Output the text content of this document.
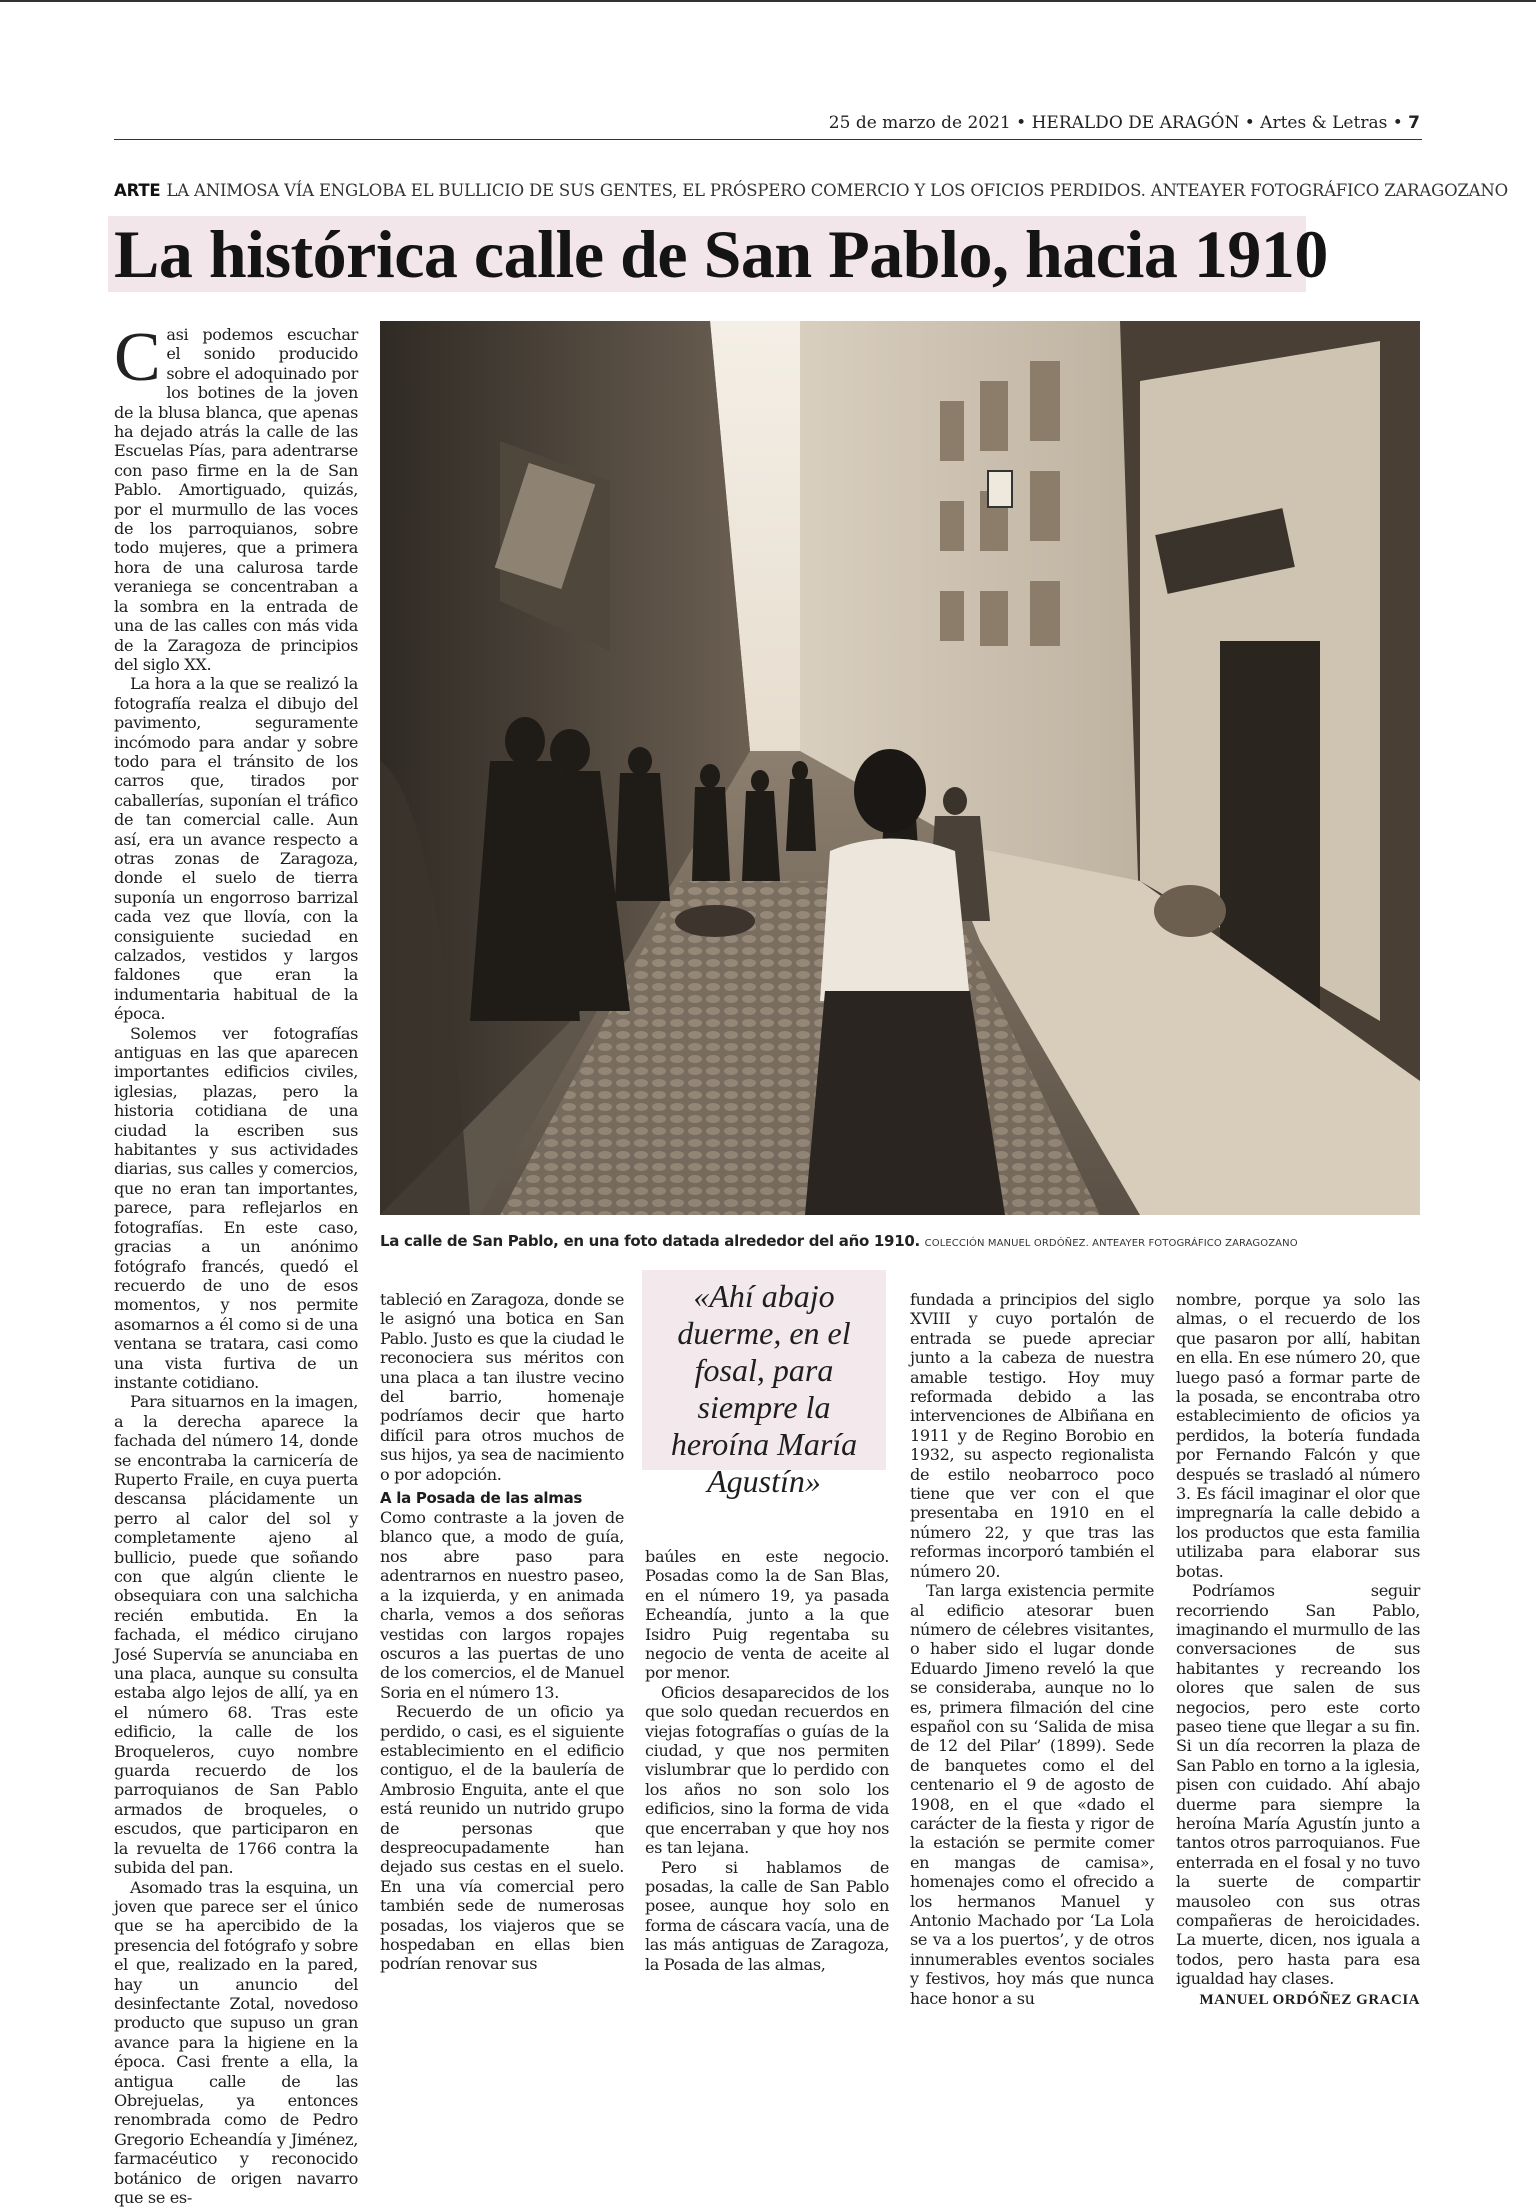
25 de marzo de 2021 • HERALDO DE ARAGÓN • Artes & Letras • 7
ARTE LA ANIMOSA VÍA ENGLOBA EL BULLICIO DE SUS GENTES, EL PRÓSPERO COMERCIO Y LOS OFICIOS PERDIDOS. ANTEAYER FOTOGRÁFICO ZARAGOZANO
La histórica calle de San Pablo, hacia 1910

Casi podemos escuchar el sonido producido sobre el adoquinado por los botines de la joven de la blusa blanca, que apenas ha dejado atrás la calle de las Escuelas Pías, para adentrarse con paso firme en la de San Pablo. Amortiguado, quizás, por el murmullo de las voces de los parroquianos, sobre todo mujeres, que a primera hora de una calurosa tarde veraniega se concentraban a la sombra en la entrada de una de las calles con más vida de la Zaragoza de principios del siglo XX.

La hora a la que se realizó la fotografía realza el dibujo del pavimento, seguramente incómodo para andar y sobre todo para el tránsito de los carros que, tirados por caballerías, suponían el tráfico de tan comercial calle. Aun así, era un avance respecto a otras zonas de Zaragoza, donde el suelo de tierra suponía un engorroso barrizal cada vez que llovía, con la consiguiente suciedad en calzados, vestidos y largos faldones que eran la indumentaria habitual de la época.

Solemos ver fotografías antiguas en las que aparecen importantes edificios civiles, iglesias, plazas, pero la historia cotidiana de una ciudad la escriben sus habitantes y sus actividades diarias, sus calles y comercios, que no eran tan importantes, parece, para reflejarlos en fotografías. En este caso, gracias a un anónimo fotógrafo francés, quedó el recuerdo de uno de esos momentos, y nos permite asomarnos a él como si de una ventana se tratara, casi como una vista furtiva de un instante cotidiano.

Para situarnos en la imagen, a la derecha aparece la fachada del número 14, donde se encontraba la carnicería de Ruperto Fraile, en cuya puerta descansa plácidamente un perro al calor del sol y completamente ajeno al bullicio, puede que soñando con que algún cliente le obsequiara con una salchicha recién embutida. En la fachada, el médico cirujano José Supervía se anunciaba en una placa, aunque su consulta estaba algo lejos de allí, ya en el número 68. Tras este edificio, la calle de los Broqueleros, cuyo nombre guarda recuerdo de los parroquianos de San Pablo armados de broqueles, o escudos, que participaron en la revuelta de 1766 contra la subida del pan.

Asomado tras la esquina, un joven que parece ser el único que se ha apercibido de la presencia del fotógrafo y sobre el que, realizado en la pared, hay un anuncio del desinfectante Zotal, novedoso producto que supuso un gran avance para la higiene en la época. Casi frente a ella, la antigua calle de las Obrejuelas, ya entonces renombrada como de Pedro Gregorio Echeandía y Jiménez, farmacéutico y reconocido botánico de origen navarro que se es-

La calle de San Pablo, en una foto datada alrededor del año 1910. COLECCIÓN MANUEL ORDÓÑEZ. ANTEAYER FOTOGRÁFICO ZARAGOZANO

tableció en Zaragoza, donde se le asignó una botica en San Pablo. Justo es que la ciudad le reconociera sus méritos con una placa a tan ilustre vecino del barrio, homenaje podríamos decir que harto difícil para otros muchos de sus hijos, ya sea de nacimiento o por adopción.

A la Posada de las almas

Como contraste a la joven de blanco que, a modo de guía, nos abre paso para adentrarnos en nuestro paseo, a la izquierda, y en animada charla, vemos a dos señoras vestidas con largos ropajes oscuros a las puertas de uno de los comercios, el de Manuel Soria en el número 13.

Recuerdo de un oficio ya perdido, o casi, es el siguiente establecimiento en el edificio contiguo, el de la baulería de Ambrosio Enguita, ante el que está reunido un nutrido grupo de personas que despreocupadamente han dejado sus cestas en el suelo. En una vía comercial pero también sede de numerosas posadas, los viajeros que se hospedaban en ellas bien podrían renovar sus

«Ahí abajo duerme, en el fosal, para siempre la heroína María Agustín»

baúles en este negocio. Posadas como la de San Blas, en el número 19, ya pasada Echeandía, junto a la que Isidro Puig regentaba su negocio de venta de aceite al por menor.

Oficios desaparecidos de los que solo quedan recuerdos en viejas fotografías o guías de la ciudad, y que nos permiten vislumbrar que lo perdido con los años no son solo los edificios, sino la forma de vida que encerraban y que hoy nos es tan lejana.

Pero si hablamos de posadas, la calle de San Pablo posee, aunque hoy solo en forma de cáscara vacía, una de las más antiguas de Zaragoza, la Posada de las almas,

fundada a principios del siglo XVIII y cuyo portalón de entrada se puede apreciar junto a la cabeza de nuestra amable testigo. Hoy muy reformada debido a las intervenciones de Albiñana en 1911 y de Regino Borobio en 1932, su aspecto regionalista de estilo neobarroco poco tiene que ver con el que presentaba en 1910 en el número 22, y que tras las reformas incorporó también el número 20.

Tan larga existencia permite al edificio atesorar buen número de célebres visitantes, o haber sido el lugar donde Eduardo Jimeno reveló la que se consideraba, aunque no lo es, primera filmación del cine español con su ‘Salida de misa de 12 del Pilar’ (1899). Sede de banquetes como el del centenario el 9 de agosto de 1908, en el que «dado el carácter de la fiesta y rigor de la estación se permite comer en mangas de camisa», homenajes como el ofrecido a los hermanos Manuel y Antonio Machado por ‘La Lola se va a los puertos’, y de otros innumerables eventos sociales y festivos, hoy más que nunca hace honor a su

nombre, porque ya solo las almas, o el recuerdo de los que pasaron por allí, habitan en ella. En ese número 20, que luego pasó a formar parte de la posada, se encontraba otro establecimiento de oficios ya perdidos, la botería fundada por Fernando Falcón y que después se trasladó al número 3. Es fácil imaginar el olor que impregnaría la calle debido a los productos que esta familia utilizaba para elaborar sus botas.

Podríamos seguir recorriendo San Pablo, imaginando el murmullo de las conversaciones de sus habitantes y recreando los olores que salen de sus negocios, pero este corto paseo tiene que llegar a su fin. Si un día recorren la plaza de San Pablo en torno a la iglesia, pisen con cuidado. Ahí abajo duerme para siempre la heroína María Agustín junto a tantos otros parroquianos. Fue enterrada en el fosal y no tuvo la suerte de compartir mausoleo con sus otras compañeras de heroicidades. La muerte, dicen, nos iguala a todos, pero hasta para esa igualdad hay clases.

MANUEL ORDÓÑEZ GRACIA
